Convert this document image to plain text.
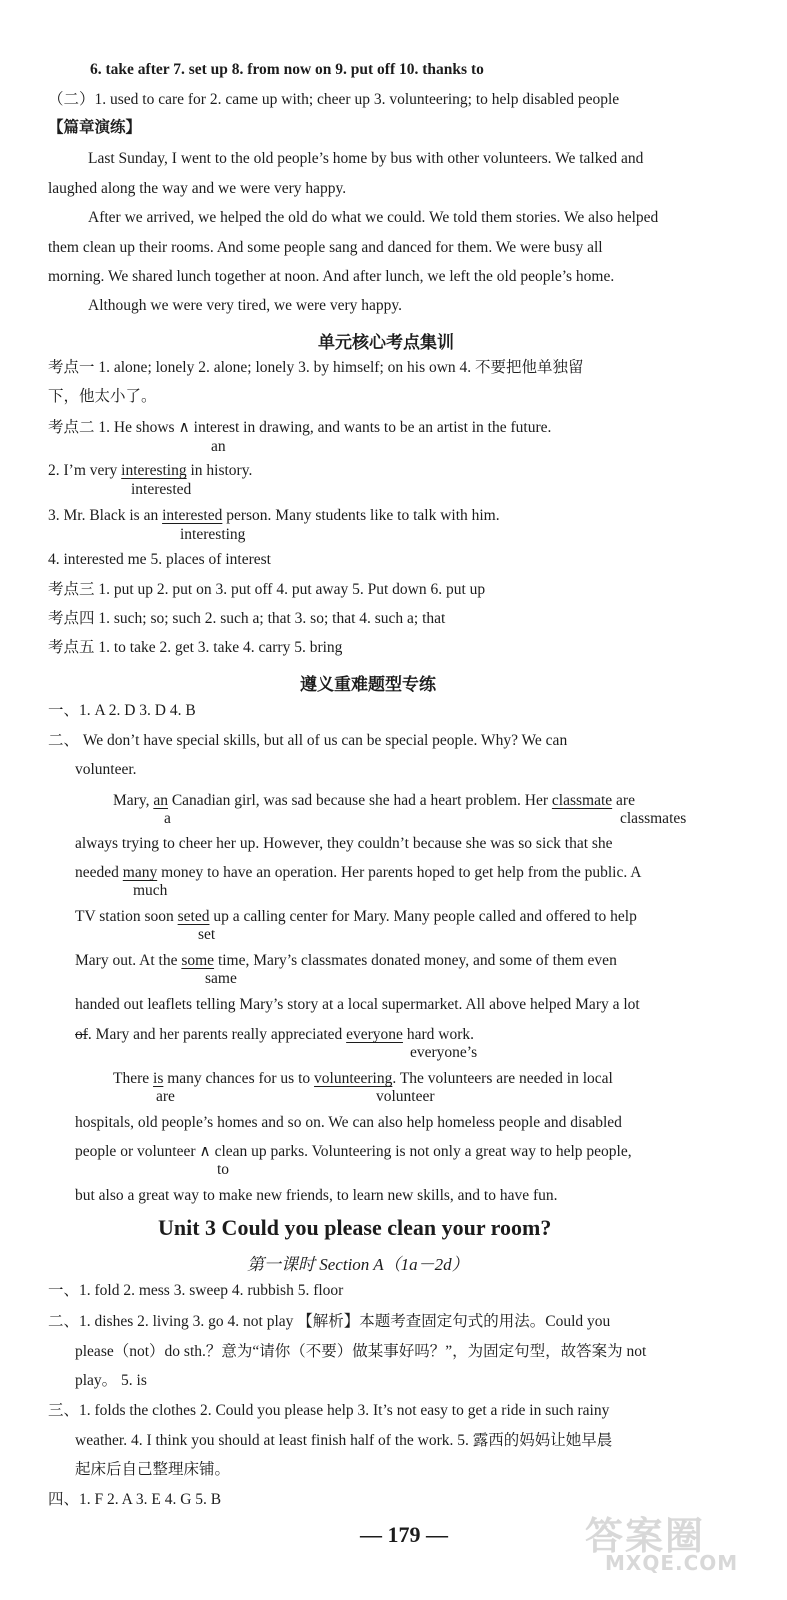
6. take after 7. set up 8. from now on 9. put off 10. thanks to
（二）1. used to care for 2. came up with; cheer up 3. volunteering; to help disabled people
【篇章演练】
Last Sunday, I went to the old people’s home by bus with other volunteers. We talked and
laughed along the way and we were very happy.
After we arrived, we helped the old do what we could. We told them stories. We also helped
them clean up their rooms. And some people sang and danced for them. We were busy all
morning. We shared lunch together at noon. And after lunch, we left the old people’s home.
Although we were very tired, we were very happy.
单元核心考点集训
考点一 1. alone; lonely 2. alone; lonely 3. by himself; on his own 4. 不要把他单独留
下，他太小了。
考点二 1. He shows ∧ interest in drawing, and wants to be an artist in the future.
an
2. I’m very interesting in history.
interested
3. Mr. Black is an interested person. Many students like to talk with him.
interesting
4. interested me 5. places of interest
考点三 1. put up 2. put on 3. put off 4. put away 5. Put down 6. put up
考点四 1. such; so; such 2. such a; that 3. so; that 4. such a; that
考点五 1. to take 2. get 3. take 4. carry 5. bring
遵义重难题型专练
一、1. A 2. D 3. D 4. B
二、 We don’t have special skills, but all of us can be special people. Why? We can
volunteer.
Mary, an Canadian girl, was sad because she had a heart problem. Her classmate are
a	classmates
always trying to cheer her up. However, they couldn’t because she was so sick that she
needed many money to have an operation. Her parents hoped to get help from the public. A
much
TV station soon seted up a calling center for Mary. Many people called and offered to help
set
Mary out. At the some time, Mary’s classmates donated money, and some of them even
same
handed out leaflets telling Mary’s story at a local supermarket. All above helped Mary a lot
of. Mary and her parents really appreciated everyone hard work.
everyone’s
There is many chances for us to volunteering. The volunteers are needed in local
are	volunteer
hospitals, old people’s homes and so on. We can also help homeless people and disabled
people or volunteer ∧ clean up parks. Volunteering is not only a great way to help people,
to
but also a great way to make new friends, to learn new skills, and to have fun.
Unit 3 Could you please clean your room?
第一课时 Section A（1a－2d）
一、1. fold 2. mess 3. sweep 4. rubbish 5. floor
二、1. dishes 2. living 3. go 4. not play 【解析】本题考查固定句式的用法。Could you
please（not）do sth.？意为“请你（不要）做某事好吗？”，为固定句型，故答案为 not
play。 5. is
三、1. folds the clothes 2. Could you please help 3. It’s not easy to get a ride in such rainy
weather. 4. I think you should at least finish half of the work. 5. 露西的妈妈让她早晨
起床后自己整理床铺。
四、1. F 2. A 3. E 4. G 5. B
— 179 —	答案圈
MXQE.COM
